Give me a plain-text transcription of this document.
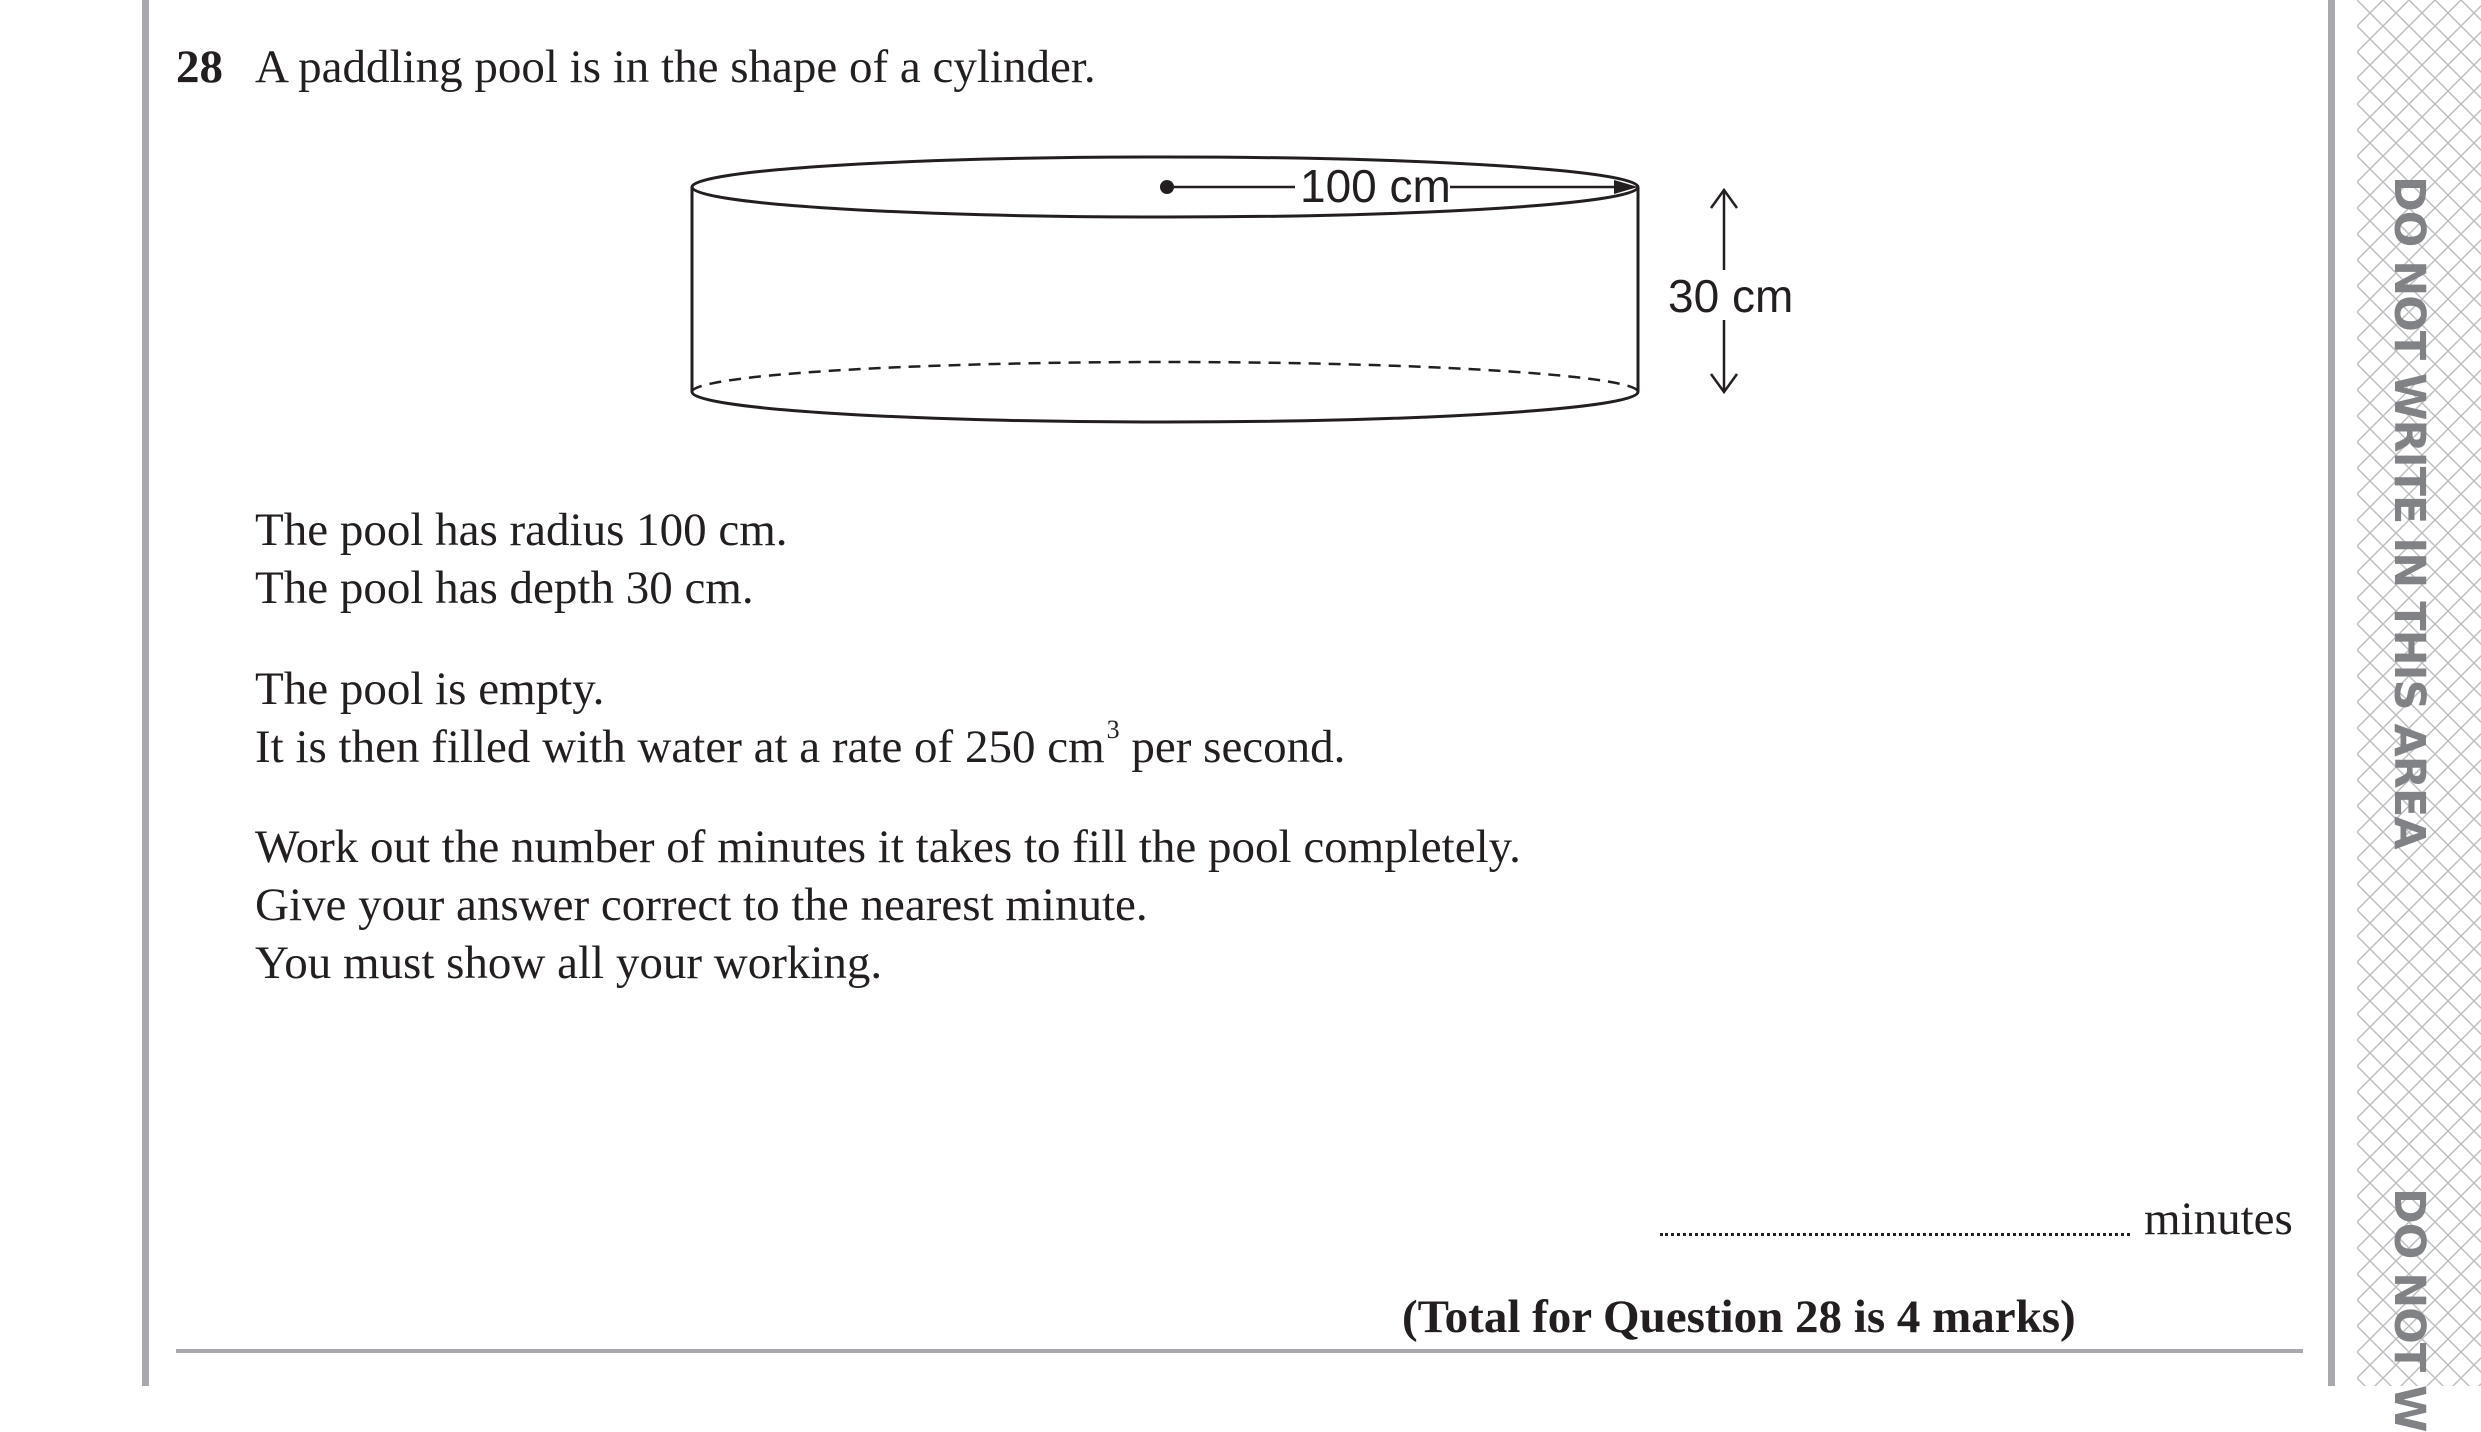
DO NOT WRITE IN THIS AREA
DO NOT W
28 A paddling pool is in the shape of a cylinder.
100 cm
30 cm
The pool has radius 100 cm.
The pool has depth 30 cm.
The pool is empty.
It is then filled with water at a rate of 250 $cm^3$ per second.
Work out the number of minutes it takes to fill the pool completely.
Give your answer correct to the nearest minute.
You must show all your working.
minutes
(Total for Question 28 is 4 marks)
